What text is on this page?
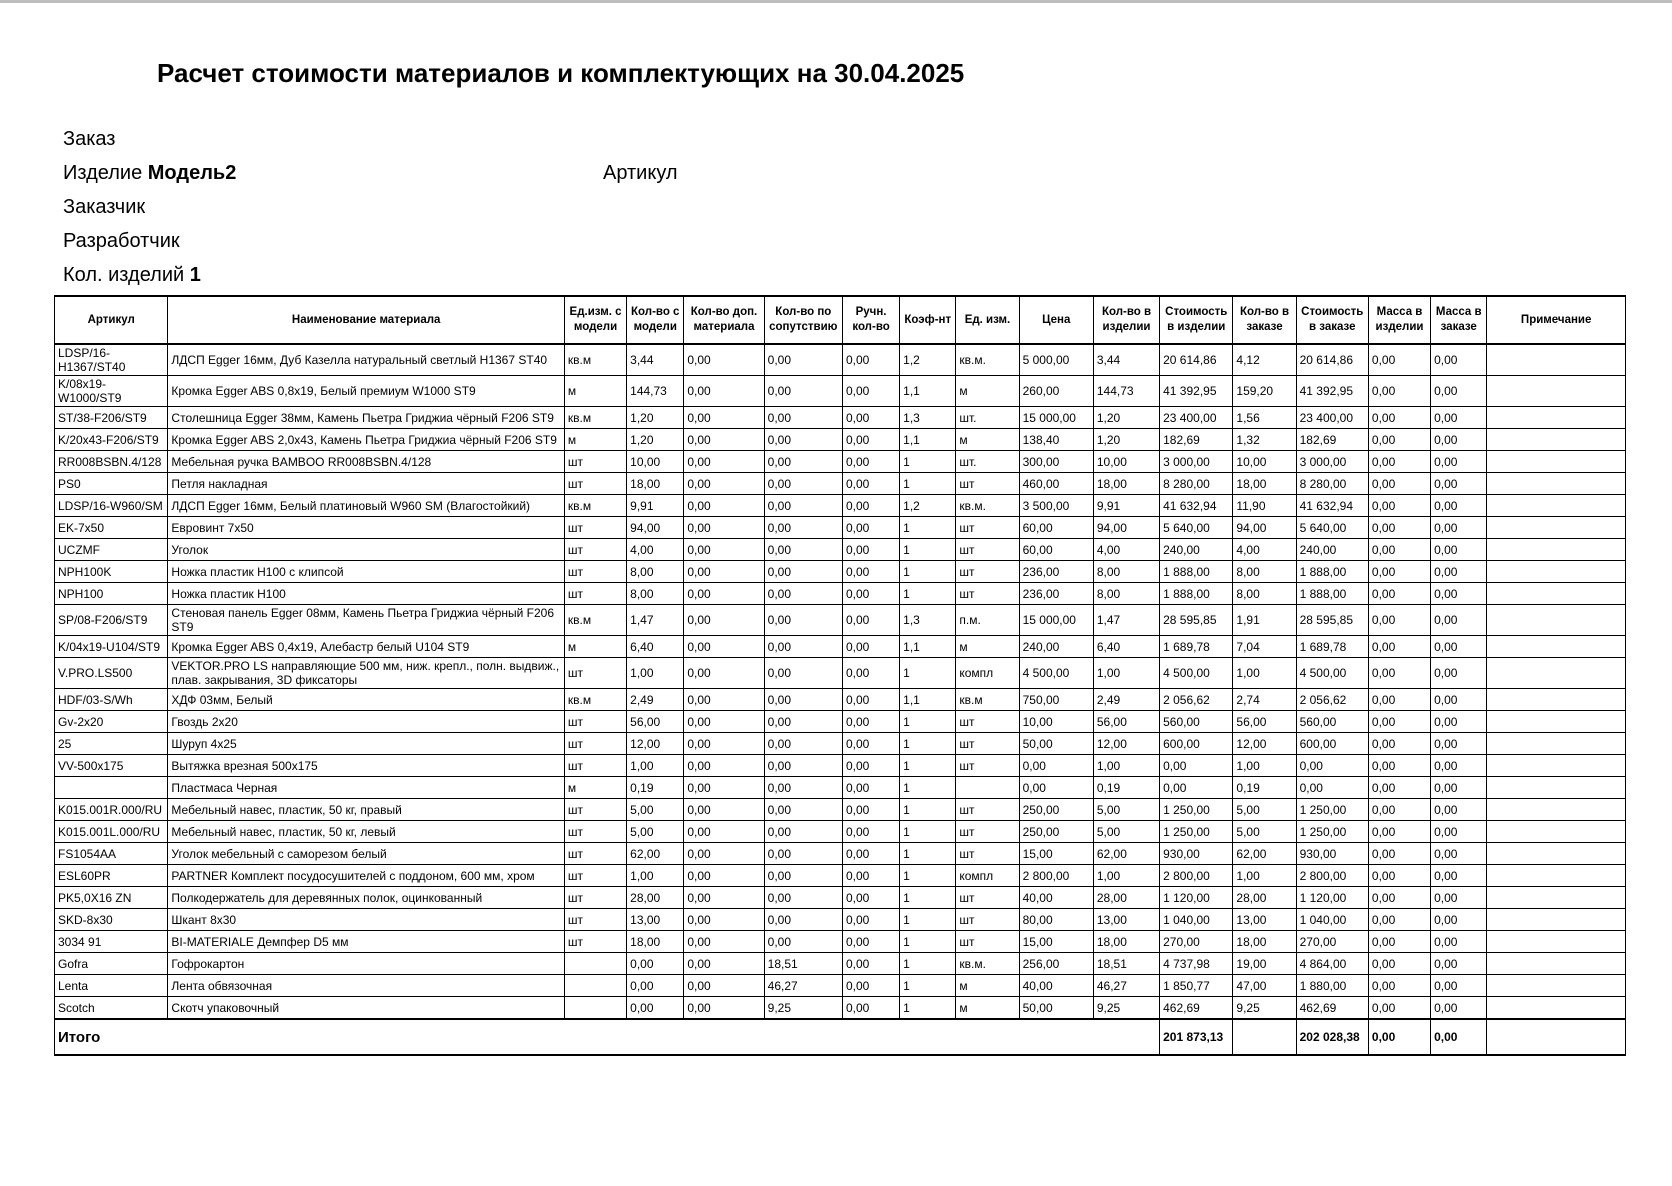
Расчет стоимости материалов и комплектующих на 30.04.2025
Заказ
Изделие Модель2	Артикул
Заказчик
Разработчик
Кол. изделий 1
Артикул	Наименование материала	Ед.изм. с модели	Кол-во с модели	Кол-во доп. материала	Кол-во по сопутствию	Ручн. кол-во	Коэф-нт	Ед. изм.	Цена	Кол-во в изделии	Стоимость в изделии	Кол-во в заказе	Стоимость в заказе	Масса в изделии	Масса в заказе	Примечание
LDSP/16-H1367/ST40	ЛДСП Egger 16мм, Дуб Казелла натуральный светлый H1367 ST40	кв.м	3,44	0,00	0,00	0,00	1,2	кв.м.	5 000,00	3,44	20 614,86	4,12	20 614,86	0,00	0,00	
K/08x19-W1000/ST9	Кромка Egger ABS 0,8х19, Белый премиум W1000 ST9	м	144,73	0,00	0,00	0,00	1,1	м	260,00	144,73	41 392,95	159,20	41 392,95	0,00	0,00	
ST/38-F206/ST9	Столешница Egger 38мм, Камень Пьетра Гриджиа чёрный F206 ST9	кв.м	1,20	0,00	0,00	0,00	1,3	шт.	15 000,00	1,20	23 400,00	1,56	23 400,00	0,00	0,00	
K/20x43-F206/ST9	Кромка Egger ABS 2,0х43, Камень Пьетра Гриджиа чёрный F206 ST9	м	1,20	0,00	0,00	0,00	1,1	м	138,40	1,20	182,69	1,32	182,69	0,00	0,00	
RR008BSBN.4/128	Мебельная ручка BAMBOO RR008BSBN.4/128	шт	10,00	0,00	0,00	0,00	1	шт.	300,00	10,00	3 000,00	10,00	3 000,00	0,00	0,00	
PS0	Петля накладная	шт	18,00	0,00	0,00	0,00	1	шт	460,00	18,00	8 280,00	18,00	8 280,00	0,00	0,00	
LDSP/16-W960/SM	ЛДСП Egger 16мм, Белый платиновый W960 SM (Влагостойкий)	кв.м	9,91	0,00	0,00	0,00	1,2	кв.м.	3 500,00	9,91	41 632,94	11,90	41 632,94	0,00	0,00	
EK-7x50	Евровинт 7х50	шт	94,00	0,00	0,00	0,00	1	шт	60,00	94,00	5 640,00	94,00	5 640,00	0,00	0,00	
UCZMF	Уголок	шт	4,00	0,00	0,00	0,00	1	шт	60,00	4,00	240,00	4,00	240,00	0,00	0,00	
NPH100K	Ножка пластик H100 с клипсой	шт	8,00	0,00	0,00	0,00	1	шт	236,00	8,00	1 888,00	8,00	1 888,00	0,00	0,00	
NPH100	Ножка пластик H100	шт	8,00	0,00	0,00	0,00	1	шт	236,00	8,00	1 888,00	8,00	1 888,00	0,00	0,00	
SP/08-F206/ST9	Стеновая панель Egger 08мм, Камень Пьетра Гриджиа чёрный F206 ST9	кв.м	1,47	0,00	0,00	0,00	1,3	п.м.	15 000,00	1,47	28 595,85	1,91	28 595,85	0,00	0,00	
K/04x19-U104/ST9	Кромка Egger ABS 0,4х19, Алебастр белый U104 ST9	м	6,40	0,00	0,00	0,00	1,1	м	240,00	6,40	1 689,78	7,04	1 689,78	0,00	0,00	
V.PRO.LS500	VEKTOR.PRO LS направляющие 500 мм, ниж. крепл., полн. выдвиж., плав. закрывания, 3D фиксаторы	шт	1,00	0,00	0,00	0,00	1	компл	4 500,00	1,00	4 500,00	1,00	4 500,00	0,00	0,00	
HDF/03-S/Wh	ХДФ 03мм, Белый	кв.м	2,49	0,00	0,00	0,00	1,1	кв.м	750,00	2,49	2 056,62	2,74	2 056,62	0,00	0,00	
Gv-2x20	Гвоздь 2х20	шт	56,00	0,00	0,00	0,00	1	шт	10,00	56,00	560,00	56,00	560,00	0,00	0,00	
25	Шуруп 4х25	шт	12,00	0,00	0,00	0,00	1	шт	50,00	12,00	600,00	12,00	600,00	0,00	0,00	
VV-500x175	Вытяжка врезная 500х175	шт	1,00	0,00	0,00	0,00	1	шт	0,00	1,00	0,00	1,00	0,00	0,00	0,00	
	Пластмаса Черная	м	0,19	0,00	0,00	0,00	1		0,00	0,19	0,00	0,19	0,00	0,00	0,00	
K015.001R.000/RU	Мебельный навес, пластик, 50 кг, правый	шт	5,00	0,00	0,00	0,00	1	шт	250,00	5,00	1 250,00	5,00	1 250,00	0,00	0,00	
K015.001L.000/RU	Мебельный навес, пластик, 50 кг, левый	шт	5,00	0,00	0,00	0,00	1	шт	250,00	5,00	1 250,00	5,00	1 250,00	0,00	0,00	
FS1054AA	Уголок мебельный с саморезом белый	шт	62,00	0,00	0,00	0,00	1	шт	15,00	62,00	930,00	62,00	930,00	0,00	0,00	
ESL60PR	PARTNER Комплект посудосушителей с поддоном, 600 мм, хром	шт	1,00	0,00	0,00	0,00	1	компл	2 800,00	1,00	2 800,00	1,00	2 800,00	0,00	0,00	
PK5,0X16 ZN	Полкодержатель для деревянных полок, оцинкованный	шт	28,00	0,00	0,00	0,00	1	шт	40,00	28,00	1 120,00	28,00	1 120,00	0,00	0,00	
SKD-8x30	Шкант 8х30	шт	13,00	0,00	0,00	0,00	1	шт	80,00	13,00	1 040,00	13,00	1 040,00	0,00	0,00	
3034 91	BI-MATERIALE Демпфер D5 мм	шт	18,00	0,00	0,00	0,00	1	шт	15,00	18,00	270,00	18,00	270,00	0,00	0,00	
Gofra	Гофрокартон		0,00	0,00	18,51	0,00	1	кв.м.	256,00	18,51	4 737,98	19,00	4 864,00	0,00	0,00	
Lenta	Лента обвязочная		0,00	0,00	46,27	0,00	1	м	40,00	46,27	1 850,77	47,00	1 880,00	0,00	0,00	
Scotch	Скотч упаковочный		0,00	0,00	9,25	0,00	1	м	50,00	9,25	462,69	9,25	462,69	0,00	0,00	
Итого											201 873,13		202 028,38	0,00	0,00	
